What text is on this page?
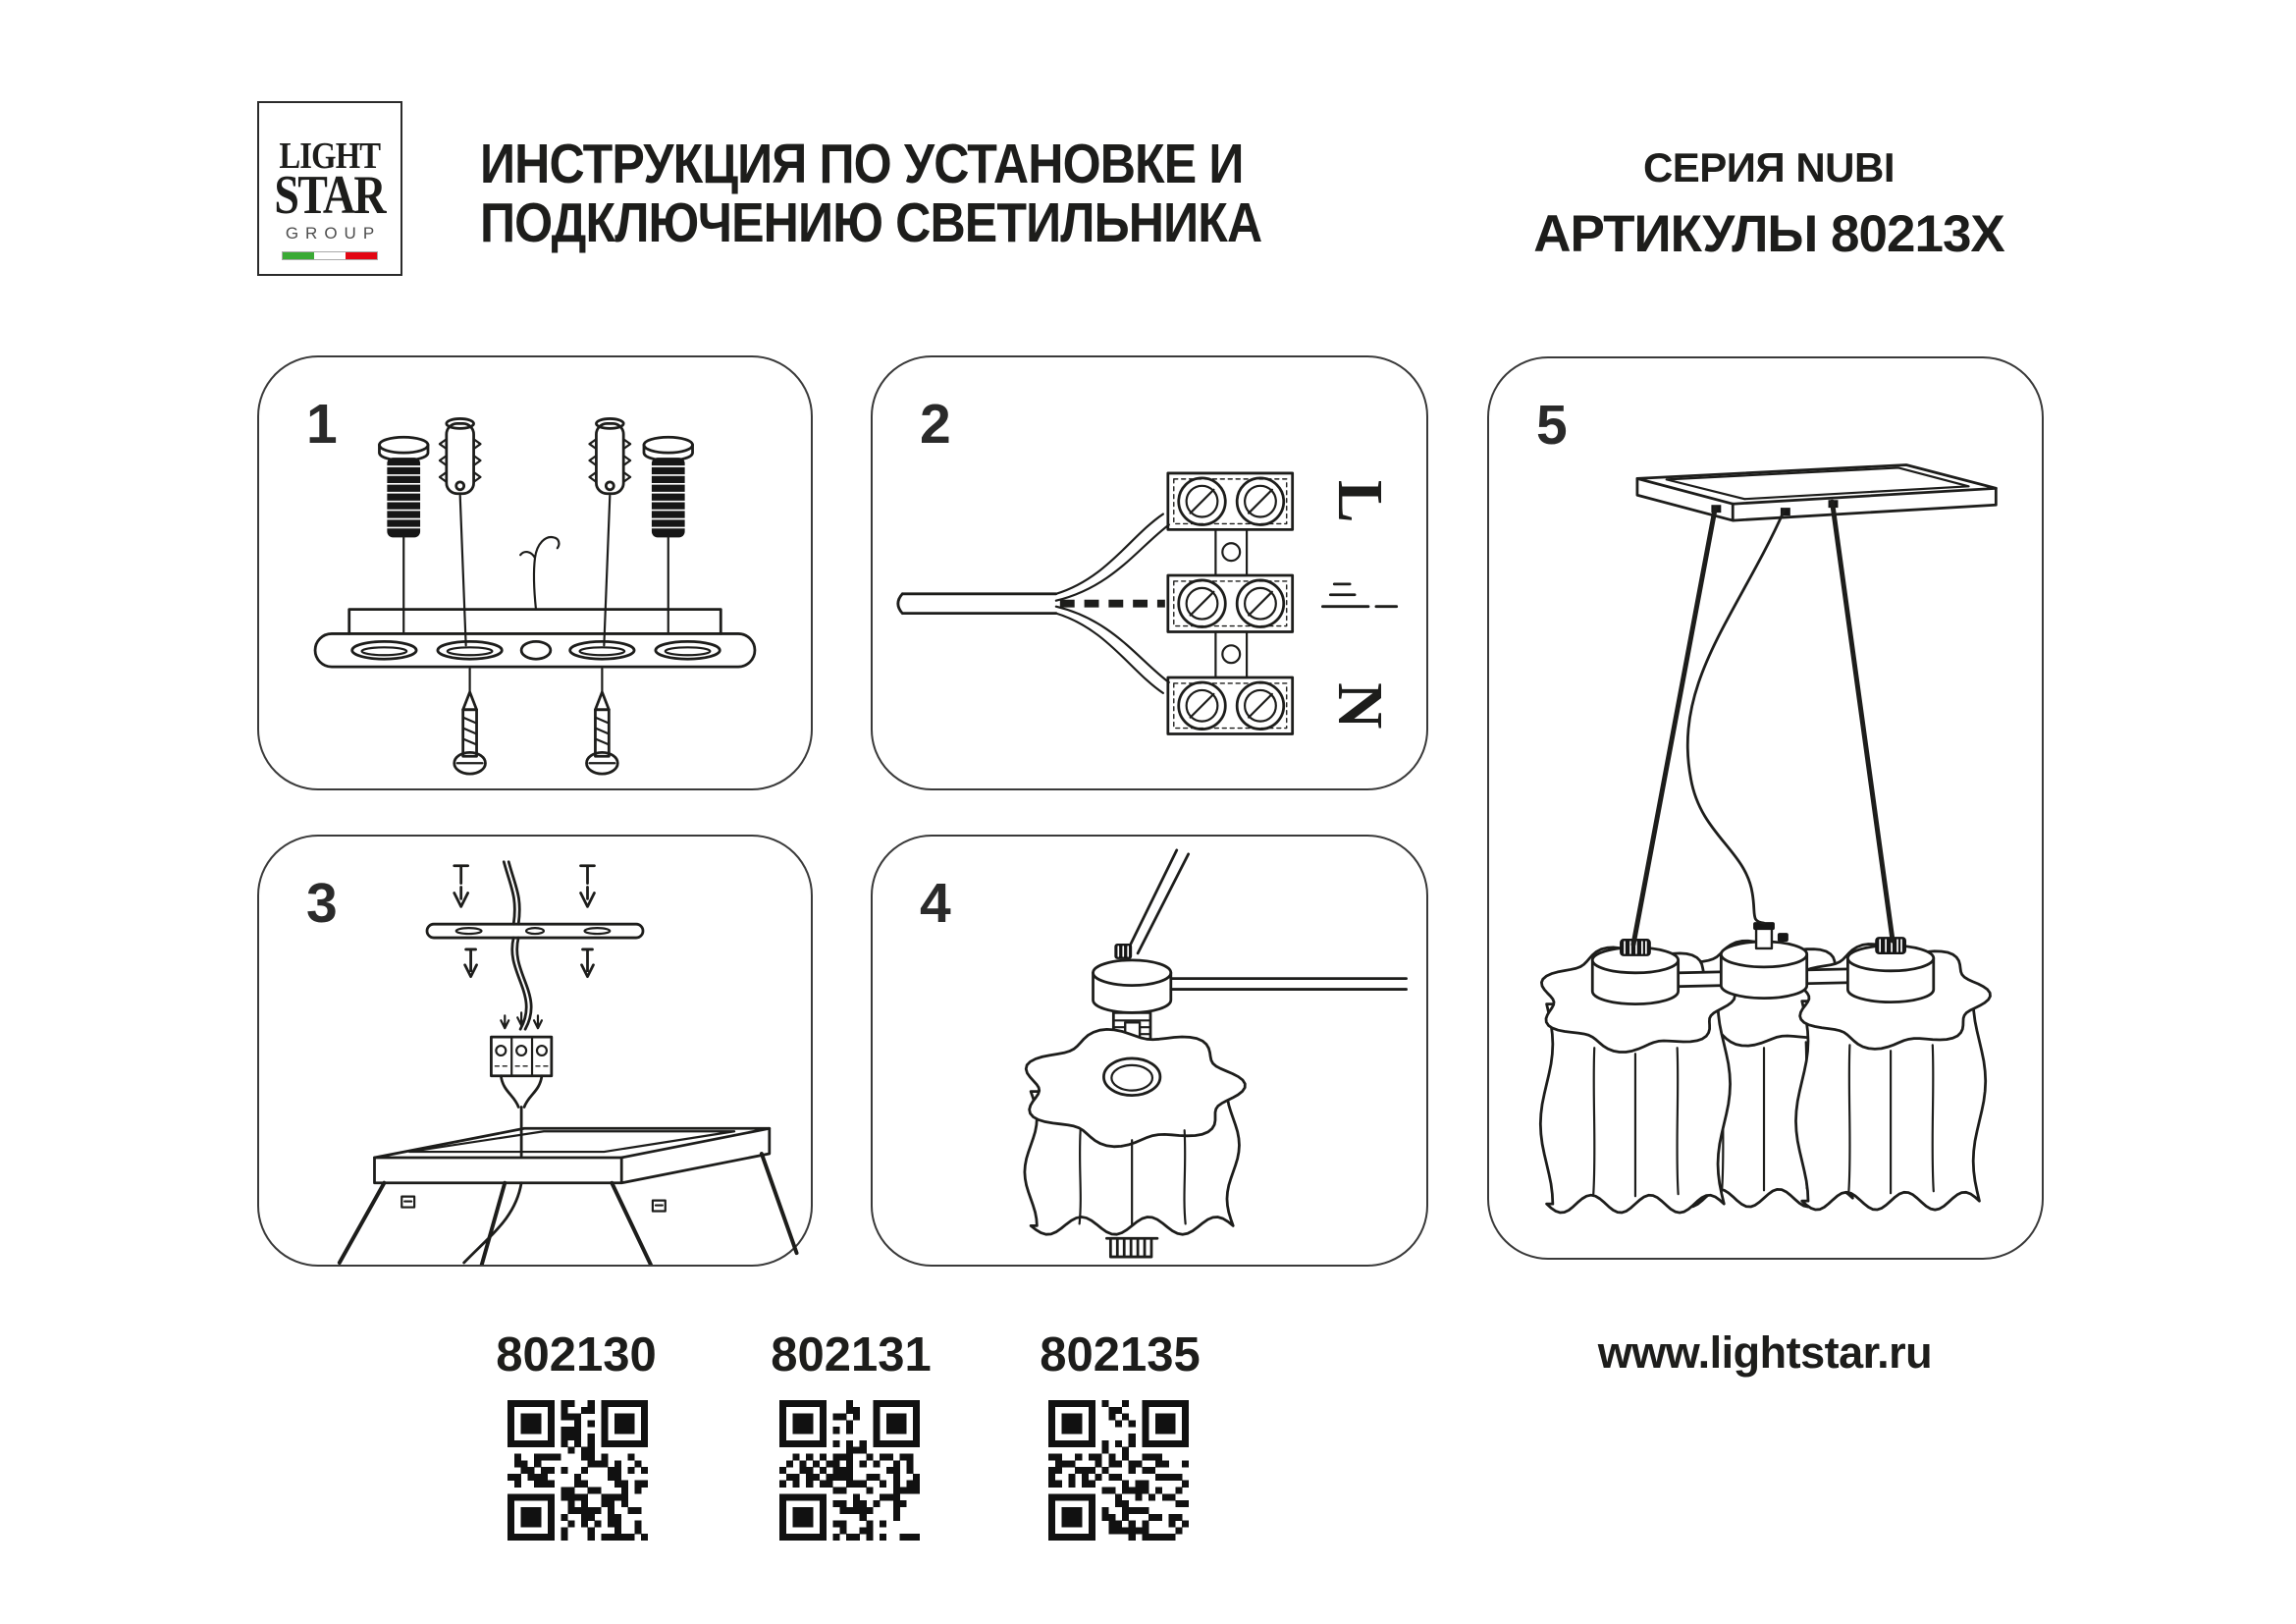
LIGHT
STAR
GROUP
ИНСТРУКЦИЯ ПО УСТАНОВКЕ И
ПОДКЛЮЧЕНИЮ СВЕТИЛЬНИКА
СЕРИЯ NUBI
АРТИКУЛЫ 80213X
1	2
L
N
3	4
5
802130	802131	802135	www.lightstar.ru
